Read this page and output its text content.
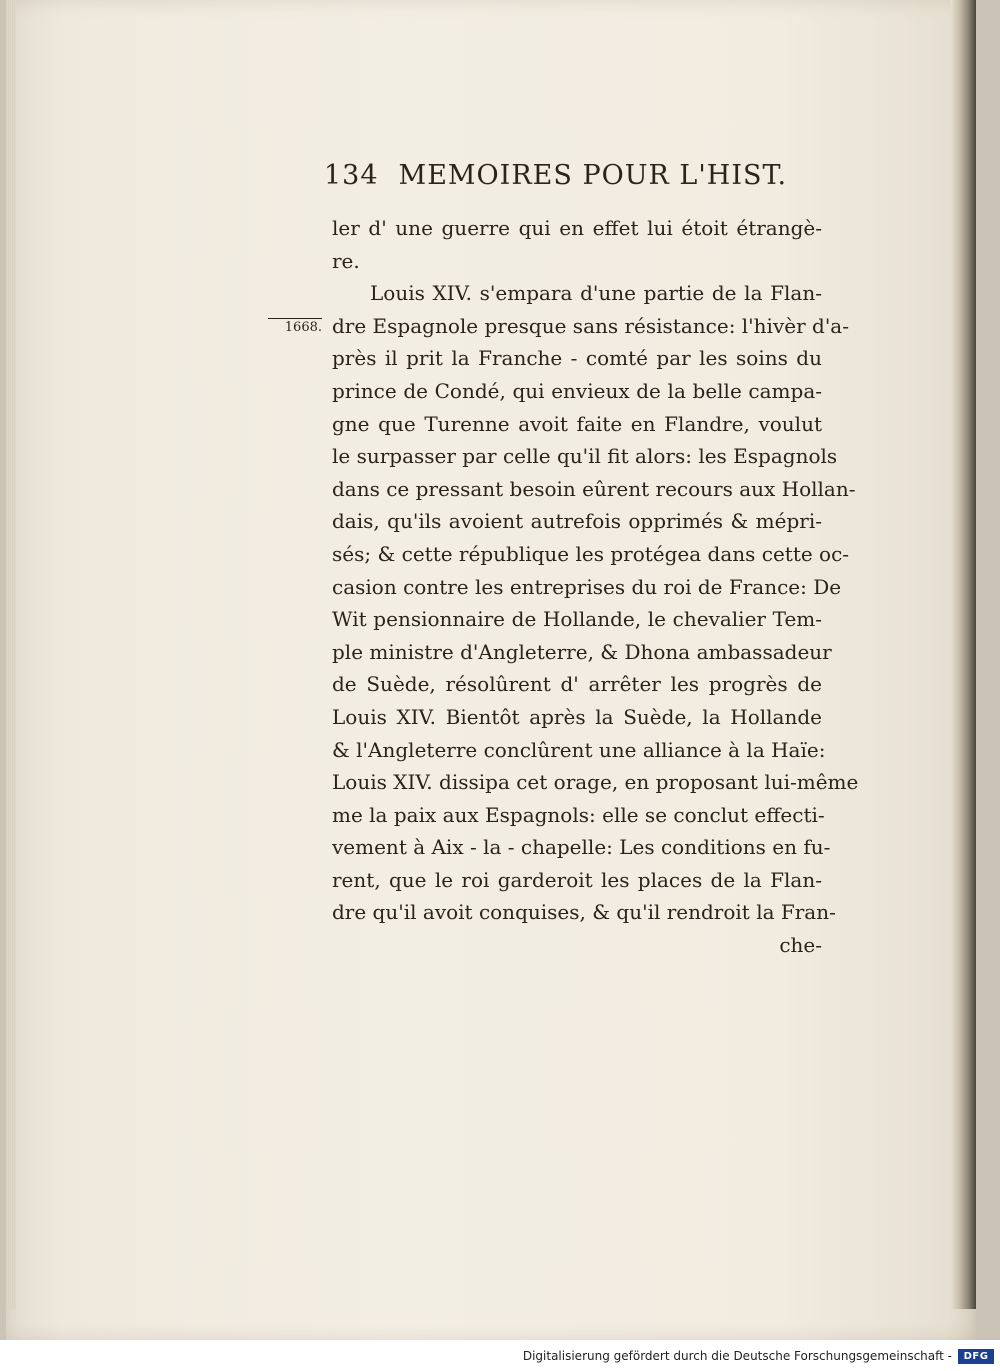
134 MEMOIRES POUR L'HIST.
1668.
ler d' une guerre qui en effet lui étoit étrangè-
re.
Louis XIV. s'empara d'une partie de la Flan-
dre Espagnole presque sans résistance: l'hivèr d'a-
près il prit la Franche - comté par les soins du
prince de Condé, qui envieux de la belle campa-
gne que Turenne avoit faite en Flandre, voulut
le surpasser par celle qu'il fit alors: les Espagnols
dans ce pressant besoin eûrent recours aux Hollan-
dais, qu'ils avoient autrefois opprimés & mépri-
sés; & cette république les protégea dans cette oc-
casion contre les entreprises du roi de France: De
Wit pensionnaire de Hollande, le chevalier Tem-
ple ministre d'Angleterre, & Dhona ambassadeur
de Suède, résolûrent d' arrêter les progrès de
Louis XIV. Bientôt après la Suède, la Hollande
& l'Angleterre conclûrent une alliance à la Haïe:
Louis XIV. dissipa cet orage, en proposant lui-même
me la paix aux Espagnols: elle se conclut effecti-
vement à Aix - la - chapelle: Les conditions en fu-
rent, que le roi garderoit les places de la Flan-
dre qu'il avoit conquises, & qu'il rendroit la Fran-
che-
Digitalisierung gefördert durch die Deutsche Forschungsgemeinschaft -	DFG
